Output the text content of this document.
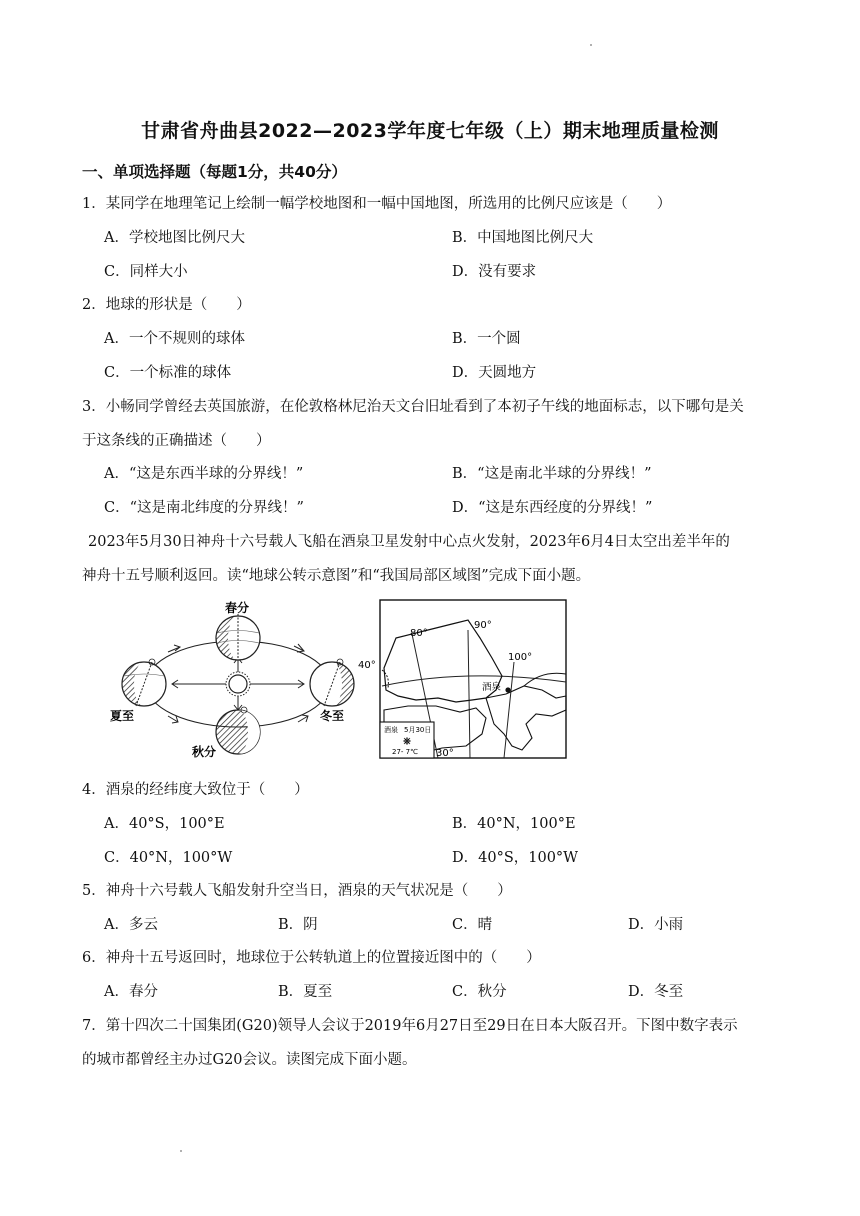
甘肃省舟曲县2022—2023学年度七年级（上）期末地理质量检测
一、单项选择题（每题1分，共40分）
1．某同学在地理笔记上绘制一幅学校地图和一幅中国地图，所选用的比例尺应该是（　　）
A．学校地图比例尺大	B．中国地图比例尺大
C．同样大小	D．没有要求
2．地球的形状是（　　）
A．一个不规则的球体	B．一个圆
C．一个标准的球体	D．天圆地方
3．小畅同学曾经去英国旅游，在伦敦格林尼治天文台旧址看到了本初子午线的地面标志，以下哪句是关
于这条线的正确描述（　　）
A．“这是东西半球的分界线！”	B．“这是南北半球的分界线！”
C．“这是南北纬度的分界线！”	D．“这是东西经度的分界线！”
2023年5月30日神舟十六号载人飞船在酒泉卫星发射中心点火发射，2023年6月4日太空出差半年的
神舟十五号顺利返回。读“地球公转示意图”和“我国局部区域图”完成下面小题。
春分
夏至
秋分
冬至
酒泉
80°
90°
100°
40°
30°
酒泉 5月30日
27- 7℃
4．酒泉的经纬度大致位于（　　）
A．40°S，100°E	B．40°N，100°E
C．40°N，100°W	D．40°S，100°W
5．神舟十六号载人飞船发射升空当日，酒泉的天气状况是（　　）
A．多云	B．阴	C．晴	D．小雨
6．神舟十五号返回时，地球位于公转轨道上的位置接近图中的（　　）
A．春分	B．夏至	C．秋分	D．冬至
7．第十四次二十国集团(G20)领导人会议于2019年6月27日至29日在日本大阪召开。下图中数字表示
的城市都曾经主办过G20会议。读图完成下面小题。
